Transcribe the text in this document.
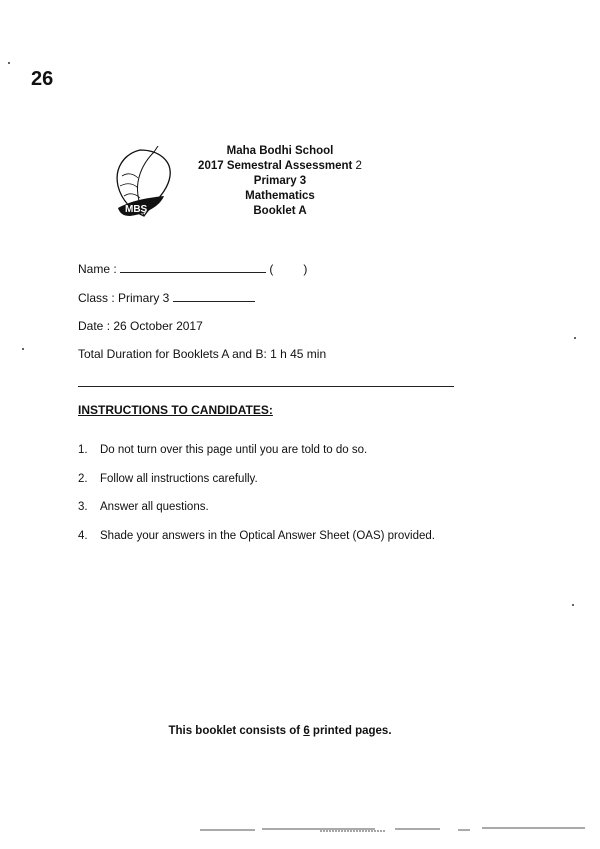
26
MBS
Maha Bodhi School
2017 Semestral Assessment 2
Primary 3
Mathematics
Booklet A
Name :	(	)
Class : Primary 3
Date : 26 October 2017
Total Duration for Booklets A and B: 1 h 45 min
INSTRUCTIONS TO CANDIDATES:
1. Do not turn over this page until you are told to do so.
2. Follow all instructions carefully.
3. Answer all questions.
4. Shade your answers in the Optical Answer Sheet (OAS) provided.
This booklet consists of 6 printed pages.
